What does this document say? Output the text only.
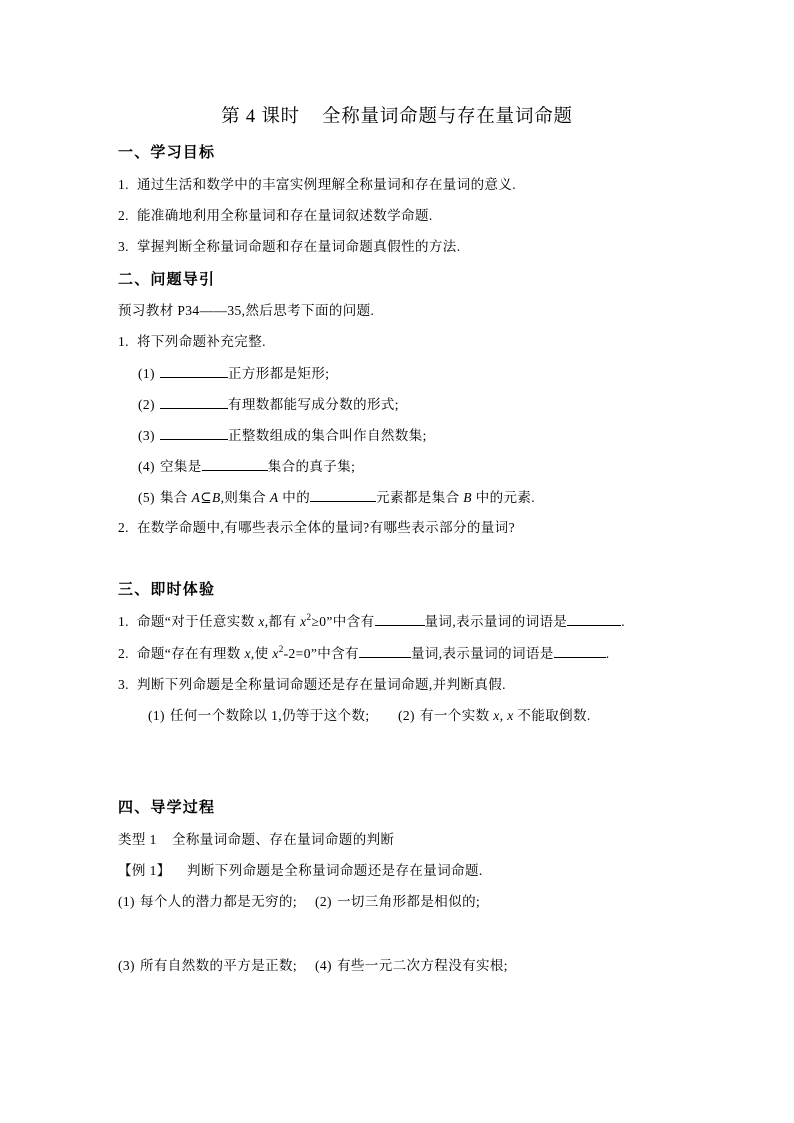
第 4 课时 全称量词命题与存在量词命题
一、学习目标
1. 通过生活和数学中的丰富实例理解全称量词和存在量词的意义.
2. 能准确地利用全称量词和存在量词叙述数学命题.
3. 掌握判断全称量词命题和存在量词命题真假性的方法.
二、问题导引
预习教材 P34——35,然后思考下面的问题.
1. 将下列命题补充完整.
(1)	正方形都是矩形;
(2)	有理数都能写成分数的形式;
(3)	正整数组成的集合叫作自然数集;
(4) 空集是	集合的真子集;
(5) 集合 A⊆B,则集合 A 中的	元素都是集合 B 中的元素.
2. 在数学命题中,有哪些表示全体的量词?有哪些表示部分的量词?
三、即时体验
1. 命题“对于任意实数 x,都有 $x^2\ge 0$”中含有	量词,表示量词的词语是	.
2. 命题“存在有理数 x,使 $x^2-2=0$”中含有	量词,表示量词的词语是	.
3. 判断下列命题是全称量词命题还是存在量词命题,并判断真假.
(1) 任何一个数除以 1,仍等于这个数; (2) 有一个实数 x, x 不能取倒数.
四、导学过程
类型 1 全称量词命题、存在量词命题的判断
【例 1】 判断下列命题是全称量词命题还是存在量词命题.
(1) 每个人的潜力都是无穷的; (2) 一切三角形都是相似的;
(3) 所有自然数的平方是正数; (4) 有些一元二次方程没有实根;
